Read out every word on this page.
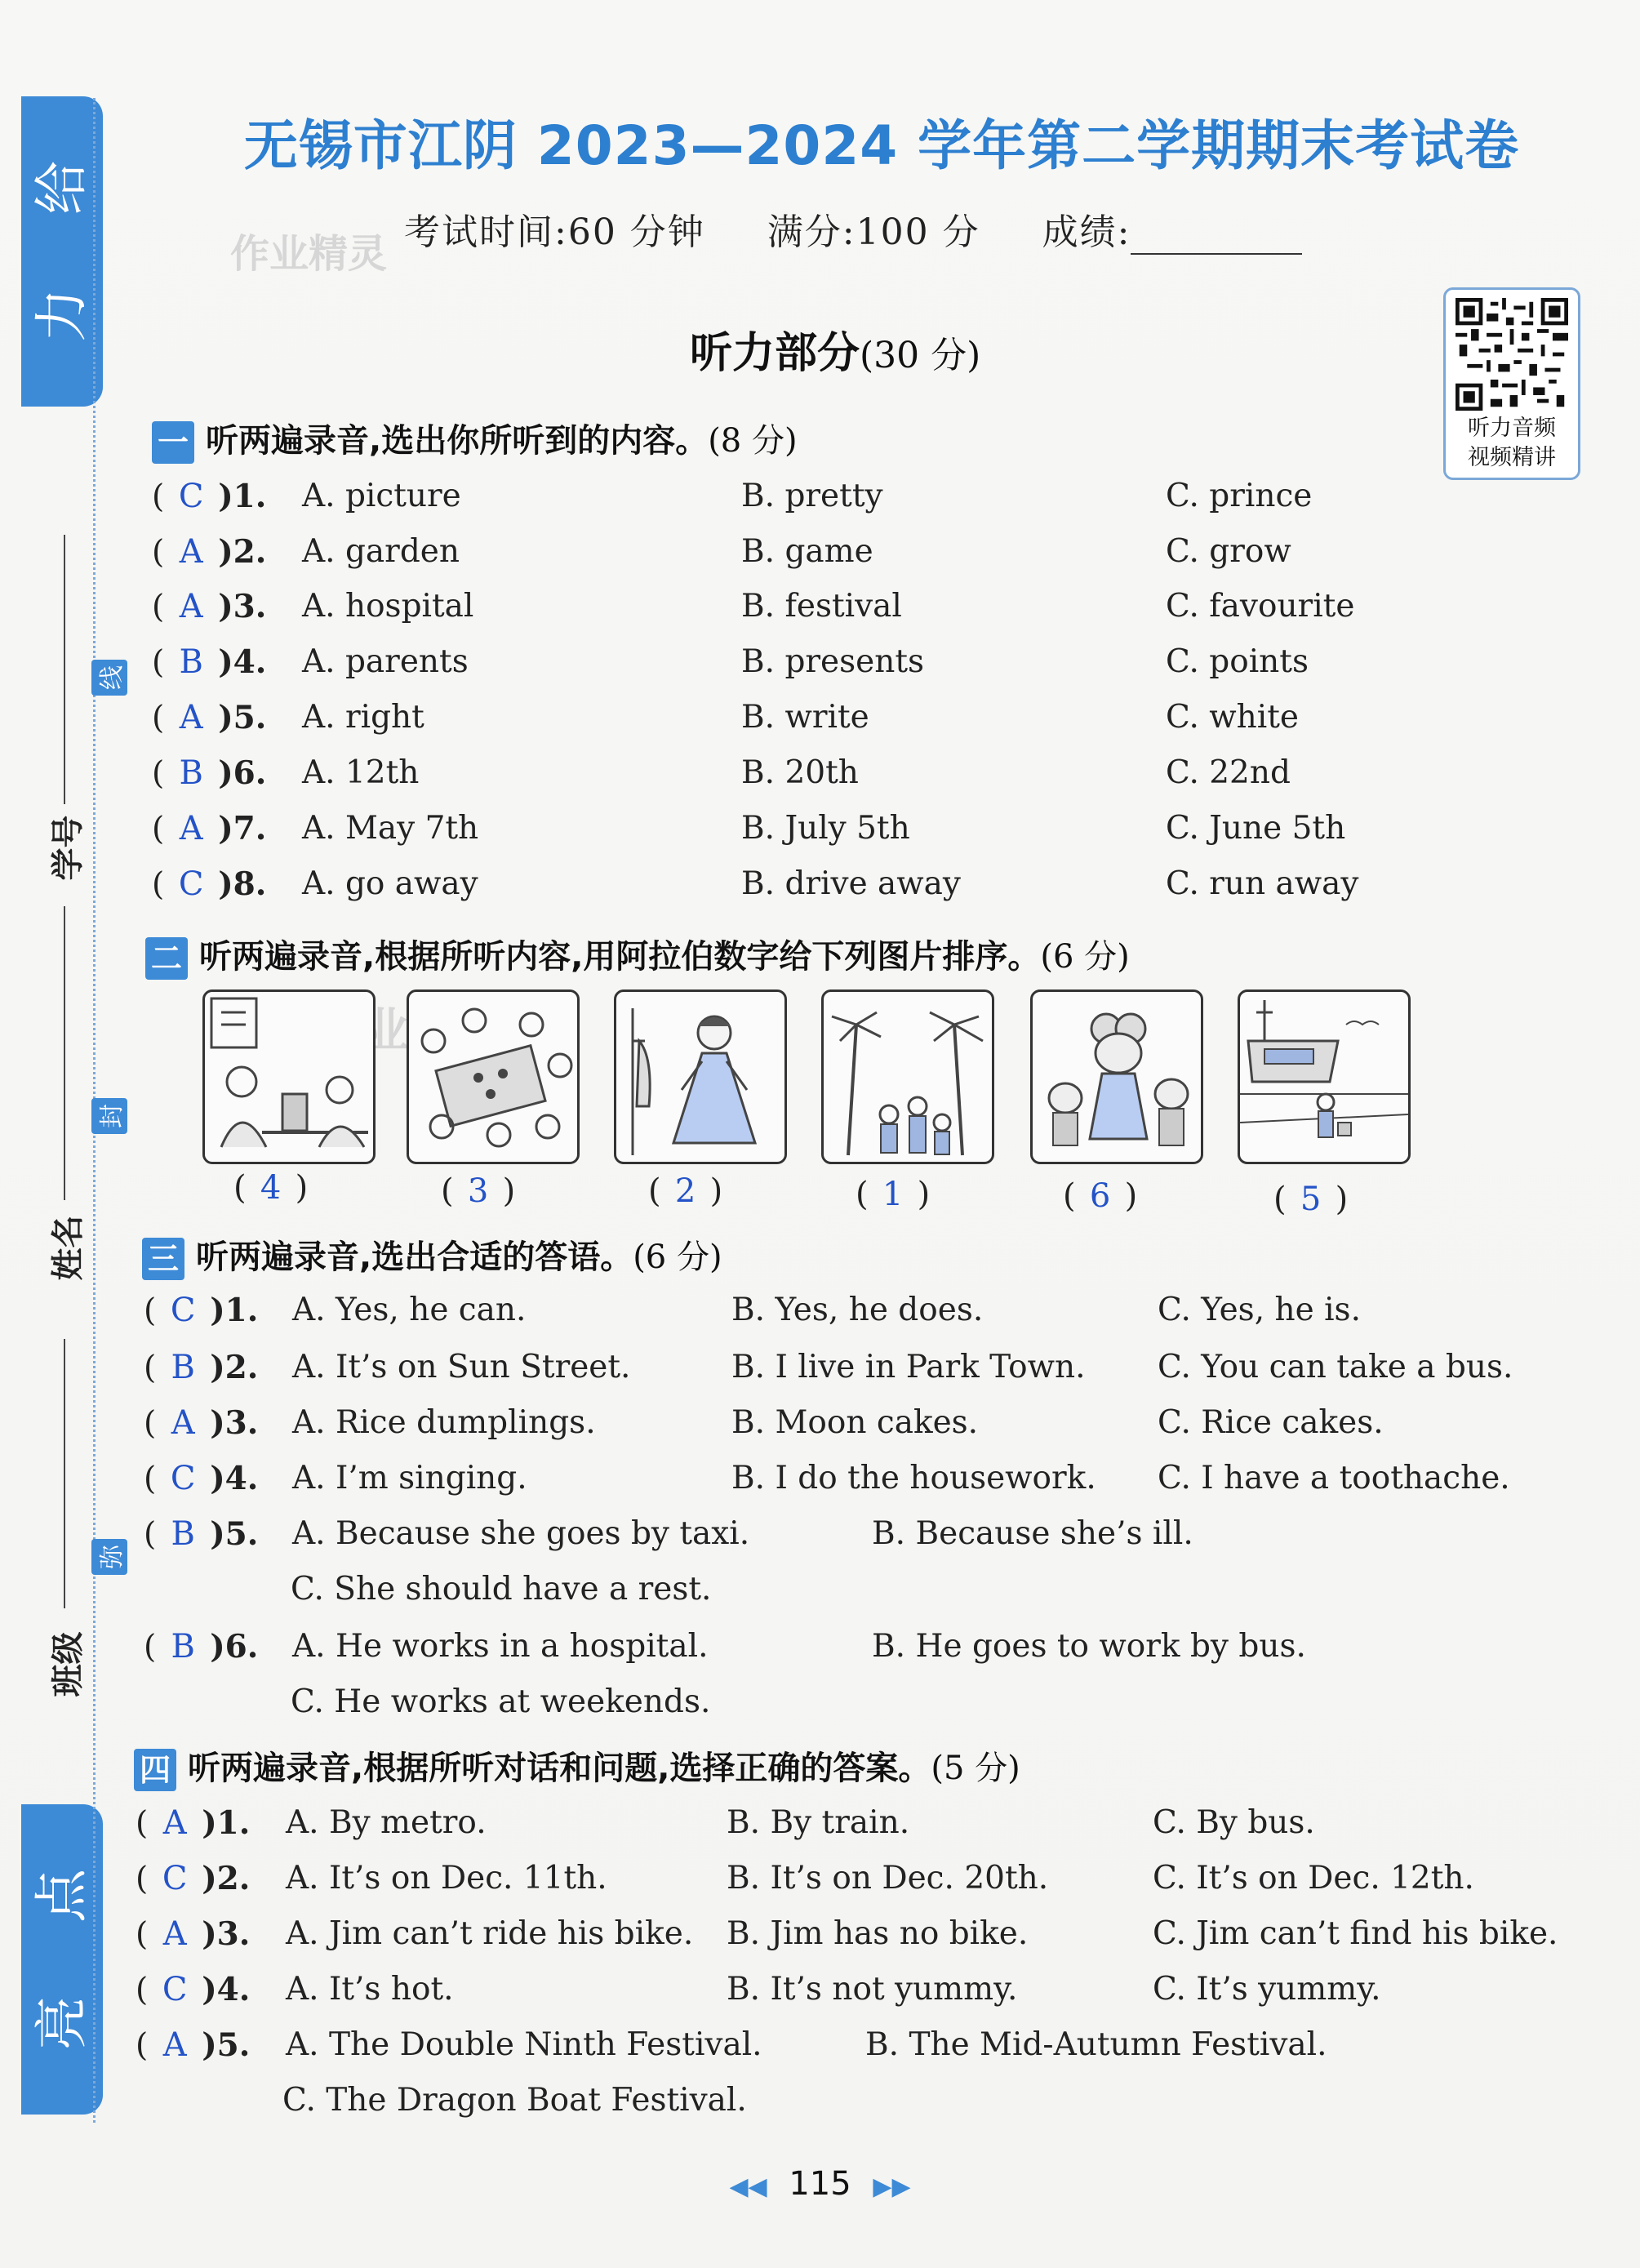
给
力
点
亮
线
封
弥
学号
姓名
班级
无锡市江阴 2023—2024 学年第二学期期末考试卷
作业精灵 考试时间:60 分钟 满分:100 分 成绩:
听力部分(30 分)
听力音频
视频精讲
一 听两遍录音,选出你所听到的内容。(8 分)
( C )1. A. picture	B. pretty	C. prince
( A )2. A. garden	B. game	C. grow
( A )3. A. hospital	B. festival	C. favourite
( B )4. A. parents	B. presents	C. points
( A )5. A. right	B. write	C. white
( B )6. A. 12th	B. 20th	C. 22nd
( A )7. A. May 7th	B. July 5th	C. June 5th
( C )8. A. go away	B. drive away	C. run away
二 听两遍录音,根据所听内容,用阿拉伯数字给下列图片排序。(6 分)
( 4 )	( 3 )	( 2 )	( 1 )	( 6 )	( 5 )
三 听两遍录音,选出合适的答语。(6 分)
( C )1. A. Yes, he can.	B. Yes, he does.	C. Yes, he is.
( B )2. A. It’s on Sun Street.	B. I live in Park Town. C. You can take a bus.
( A )3. A. Rice dumplings.	B. Moon cakes.	C. Rice cakes.
( C )4. A. I’m singing.	B. I do the housework. C. I have a toothache.
( B )5. A. Because she goes by taxi.	B. Because she’s ill.
C. She should have a rest.
( B )6. A. He works in a hospital.	B. He goes to work by bus.
C. He works at weekends.
四 听两遍录音,根据所听对话和问题,选择正确的答案。(5 分)
( A )1. A. By metro.	B. By train.	C. By bus.
( C )2. A. It’s on Dec. 11th.	B. It’s on Dec. 20th.	C. It’s on Dec. 12th.
( A )3. A. Jim can’t ride his bike. B. Jim has no bike.	C. Jim can’t find his bike.
( C )4. A. It’s hot.	B. It’s not yummy.	C. It’s yummy.
( A )5. A. The Double Ninth Festival.	B. The Mid-Autumn Festival.
C. The Dragon Boat Festival.
◀◀ 115 ▶▶
